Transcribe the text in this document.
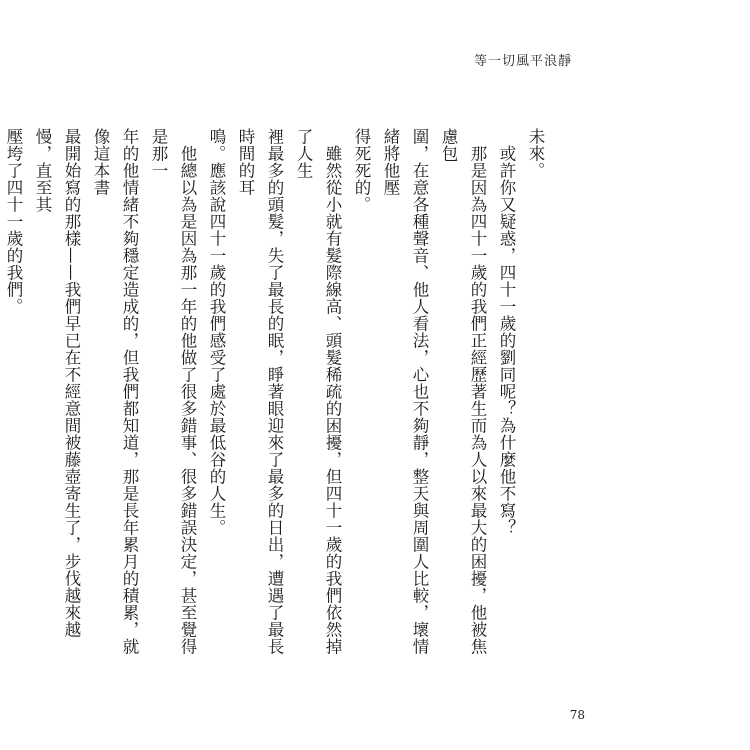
等一切風平浪靜
未來。
　或許你又疑惑，四十一歲的劉同呢？為什麼他不寫？
　那是因為四十一歲的我們正經歷著生而為人以來最大的困擾，他被焦慮包
圍，在意各種聲音、他人看法，心也不夠靜，整天與周圍人比較，壞情緒將他壓
得死死的。
　雖然從小就有髮際線高、頭髮稀疏的困擾，但四十一歲的我們依然掉了人生
裡最多的頭髮，失了最長的眠，睜著眼迎來了最多的日出，遭遇了最長時間的耳
鳴。應該說四十一歲的我們感受了處於最低谷的人生。
　他總以為是因為那一年的他做了很多錯事、很多錯誤決定，甚至覺得是那一
年的他情緒不夠穩定造成的，但我們都知道，那是長年累月的積累，就像這本書
最開始寫的那樣——我們早已在不經意間被藤壺寄生了，步伐越來越慢，直至其
壓垮了四十一歲的我們。
78
